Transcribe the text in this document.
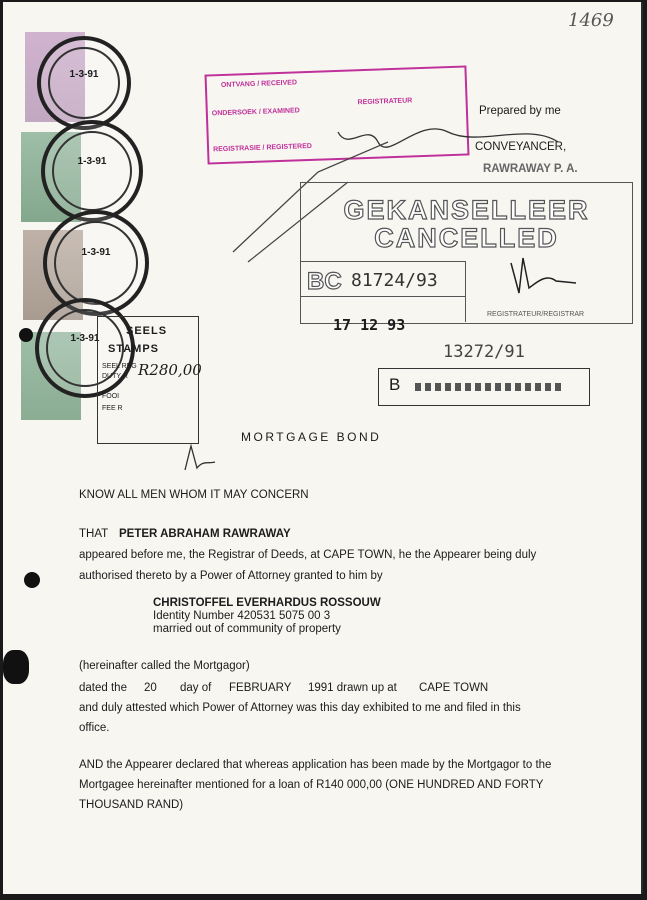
1469
1-3-91
1-3-91
1-3-91
1-3-91
ONTVANG / RECEIVED
ONDERSOEK / EXAMINED
REGISTRATEUR
REGISTRASIE / REGISTERED
Prepared by me
CONVEYANCER,
RAWRAWAY P. A.
GEKANSELLEER
CANCELLED
BC 81724/93
REGISTRATEUR/REGISTRAR
17 12 93
13272/91
B
SEELS
STAMPS
SEEL REG
DUTY R R280,00
FOOI
FEE R
MORTGAGE BOND
KNOW ALL MEN WHOM IT MAY CONCERN
THAT PETER ABRAHAM RAWRAWAY
appeared before me, the Registrar of Deeds, at CAPE TOWN, he the Appearer being duly
authorised thereto by a Power of Attorney granted to him by
CHRISTOFFEL EVERHARDUS ROSSOUW
Identity Number 420531 5075 00 3
married out of community of property
(hereinafter called the Mortgagor)
dated the 20 day of FEBRUARY 1991 drawn up at CAPE TOWN
and duly attested which Power of Attorney was this day exhibited to me and filed in this
office.
AND the Appearer declared that whereas application has been made by the Mortgagor to the
Mortgagee hereinafter mentioned for a loan of R140 000,00 (ONE HUNDRED AND FORTY
THOUSAND RAND)
